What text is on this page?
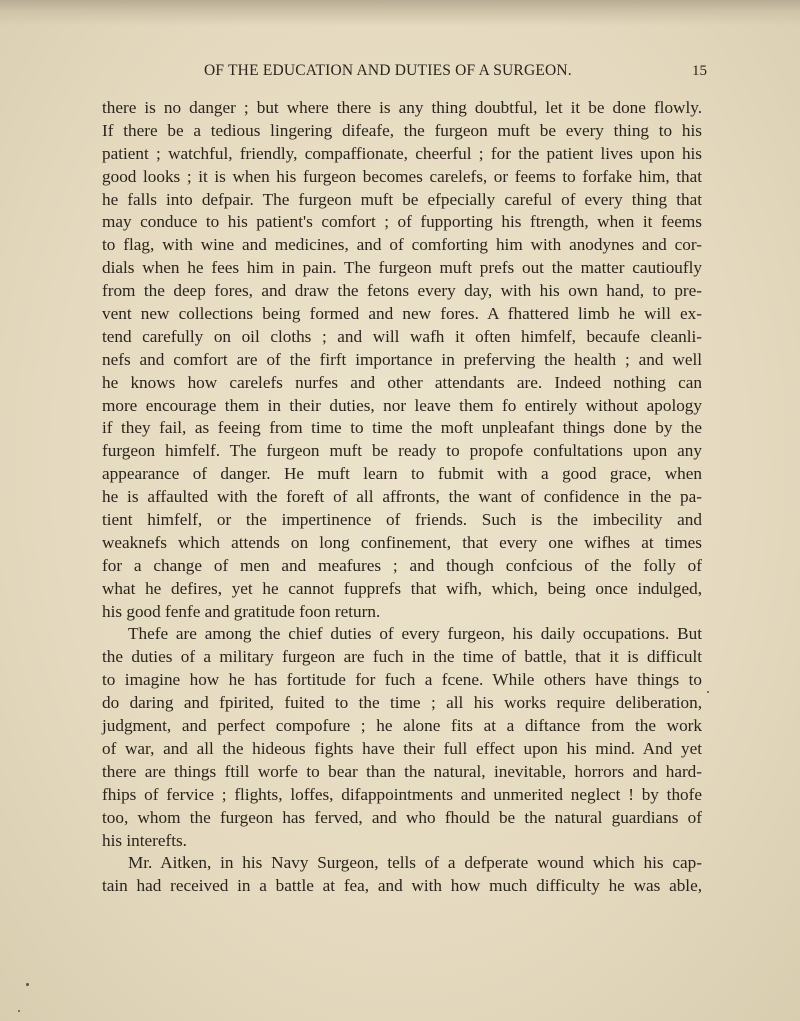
OF THE EDUCATION AND DUTIES OF A SURGEON.	15
there is no danger ; but where there is any thing doubtful, let it be done flowly.
If there be a tedious lingering difeafe, the furgeon muft be every thing to his
patient ; watchful, friendly, compaffionate, cheerful ; for the patient lives upon his
good looks ; it is when his furgeon becomes carelefs, or feems to forfake him, that
he falls into defpair. The furgeon muft be efpecially careful of every thing that
may conduce to his patient's comfort ; of fupporting his ftrength, when it feems
to flag, with wine and medicines, and of comforting him with anodynes and cor-
dials when he fees him in pain. The furgeon muft prefs out the matter cautioufly
from the deep fores, and draw the fetons every day, with his own hand, to pre-
vent new collections being formed and new fores. A fhattered limb he will ex-
tend carefully on oil cloths ; and will wafh it often himfelf, becaufe cleanli-
nefs and comfort are of the firft importance in preferving the health ; and well
he knows how carelefs nurfes and other attendants are. Indeed nothing can
more encourage them in their duties, nor leave them fo entirely without apology
if they fail, as feeing from time to time the moft unpleafant things done by the
furgeon himfelf. The furgeon muft be ready to propofe confultations upon any
appearance of danger. He muft learn to fubmit with a good grace, when
he is affaulted with the foreft of all affronts, the want of confidence in the pa-
tient himfelf, or the impertinence of friends. Such is the imbecility and
weaknefs which attends on long confinement, that every one wifhes at times
for a change of men and meafures ; and though confcious of the folly of
what he defires, yet he cannot fupprefs that wifh, which, being once indulged,
his good fenfe and gratitude foon return.
Thefe are among the chief duties of every furgeon, his daily occupations. But
the duties of a military furgeon are fuch in the time of battle, that it is difficult
to imagine how he has fortitude for fuch a fcene. While others have things to
do daring and fpirited, fuited to the time ; all his works require deliberation,
judgment, and perfect compofure ; he alone fits at a diftance from the work
of war, and all the hideous fights have their full effect upon his mind. And yet
there are things ftill worfe to bear than the natural, inevitable, horrors and hard-
fhips of fervice ; flights, loffes, difappointments and unmerited neglect ! by thofe
too, whom the furgeon has ferved, and who fhould be the natural guardians of
his interefts.
Mr. Aitken, in his Navy Surgeon, tells of a defperate wound which his cap-
tain had received in a battle at fea, and with how much difficulty he was able,
